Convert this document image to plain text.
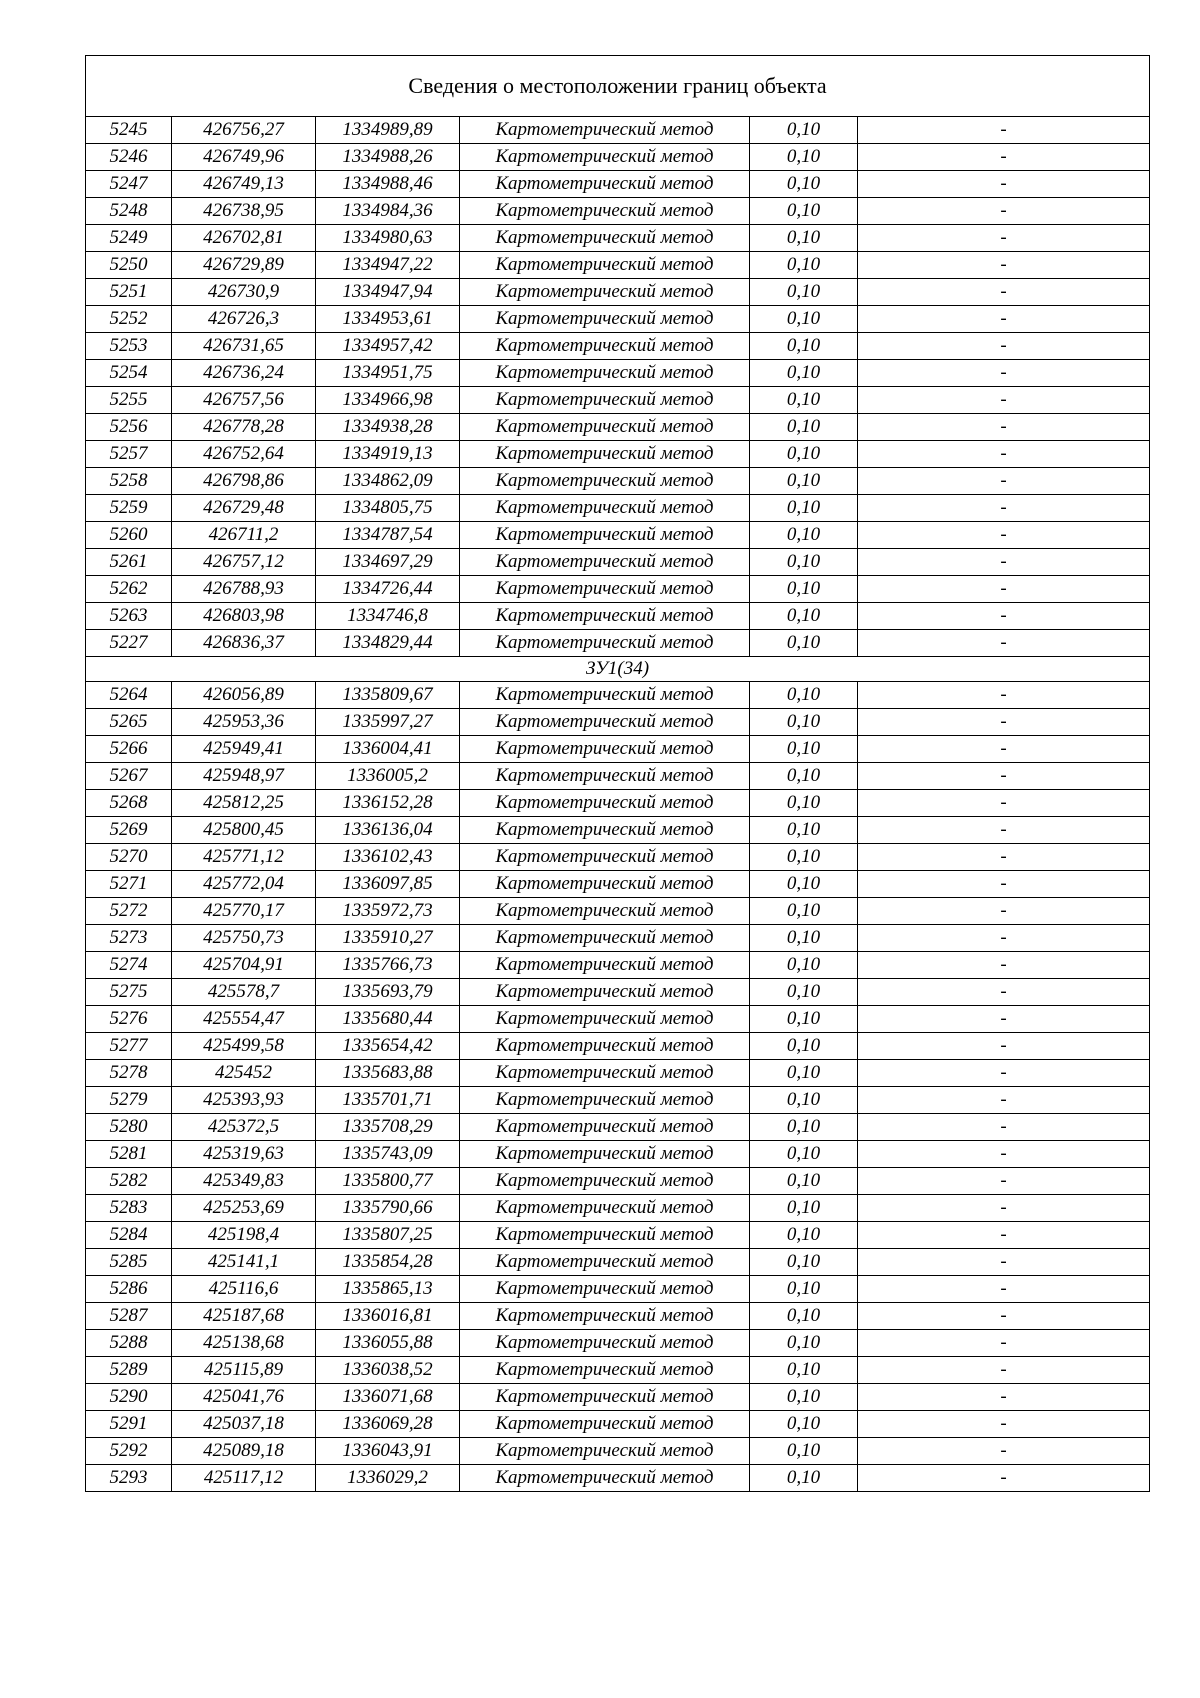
Сведения о местоположении границ объекта					
5245	426756,27	1334989,89	Картометрический метод	0,10	-
5246	426749,96	1334988,26	Картометрический метод	0,10	-
5247	426749,13	1334988,46	Картометрический метод	0,10	-
5248	426738,95	1334984,36	Картометрический метод	0,10	-
5249	426702,81	1334980,63	Картометрический метод	0,10	-
5250	426729,89	1334947,22	Картометрический метод	0,10	-
5251	426730,9	1334947,94	Картометрический метод	0,10	-
5252	426726,3	1334953,61	Картометрический метод	0,10	-
5253	426731,65	1334957,42	Картометрический метод	0,10	-
5254	426736,24	1334951,75	Картометрический метод	0,10	-
5255	426757,56	1334966,98	Картометрический метод	0,10	-
5256	426778,28	1334938,28	Картометрический метод	0,10	-
5257	426752,64	1334919,13	Картометрический метод	0,10	-
5258	426798,86	1334862,09	Картометрический метод	0,10	-
5259	426729,48	1334805,75	Картометрический метод	0,10	-
5260	426711,2	1334787,54	Картометрический метод	0,10	-
5261	426757,12	1334697,29	Картометрический метод	0,10	-
5262	426788,93	1334726,44	Картометрический метод	0,10	-
5263	426803,98	1334746,8	Картометрический метод	0,10	-
5227	426836,37	1334829,44	Картометрический метод	0,10	-
ЗУ1(34)					
5264	426056,89	1335809,67	Картометрический метод	0,10	-
5265	425953,36	1335997,27	Картометрический метод	0,10	-
5266	425949,41	1336004,41	Картометрический метод	0,10	-
5267	425948,97	1336005,2	Картометрический метод	0,10	-
5268	425812,25	1336152,28	Картометрический метод	0,10	-
5269	425800,45	1336136,04	Картометрический метод	0,10	-
5270	425771,12	1336102,43	Картометрический метод	0,10	-
5271	425772,04	1336097,85	Картометрический метод	0,10	-
5272	425770,17	1335972,73	Картометрический метод	0,10	-
5273	425750,73	1335910,27	Картометрический метод	0,10	-
5274	425704,91	1335766,73	Картометрический метод	0,10	-
5275	425578,7	1335693,79	Картометрический метод	0,10	-
5276	425554,47	1335680,44	Картометрический метод	0,10	-
5277	425499,58	1335654,42	Картометрический метод	0,10	-
5278	425452	1335683,88	Картометрический метод	0,10	-
5279	425393,93	1335701,71	Картометрический метод	0,10	-
5280	425372,5	1335708,29	Картометрический метод	0,10	-
5281	425319,63	1335743,09	Картометрический метод	0,10	-
5282	425349,83	1335800,77	Картометрический метод	0,10	-
5283	425253,69	1335790,66	Картометрический метод	0,10	-
5284	425198,4	1335807,25	Картометрический метод	0,10	-
5285	425141,1	1335854,28	Картометрический метод	0,10	-
5286	425116,6	1335865,13	Картометрический метод	0,10	-
5287	425187,68	1336016,81	Картометрический метод	0,10	-
5288	425138,68	1336055,88	Картометрический метод	0,10	-
5289	425115,89	1336038,52	Картометрический метод	0,10	-
5290	425041,76	1336071,68	Картометрический метод	0,10	-
5291	425037,18	1336069,28	Картометрический метод	0,10	-
5292	425089,18	1336043,91	Картометрический метод	0,10	-
5293	425117,12	1336029,2	Картометрический метод	0,10	-
